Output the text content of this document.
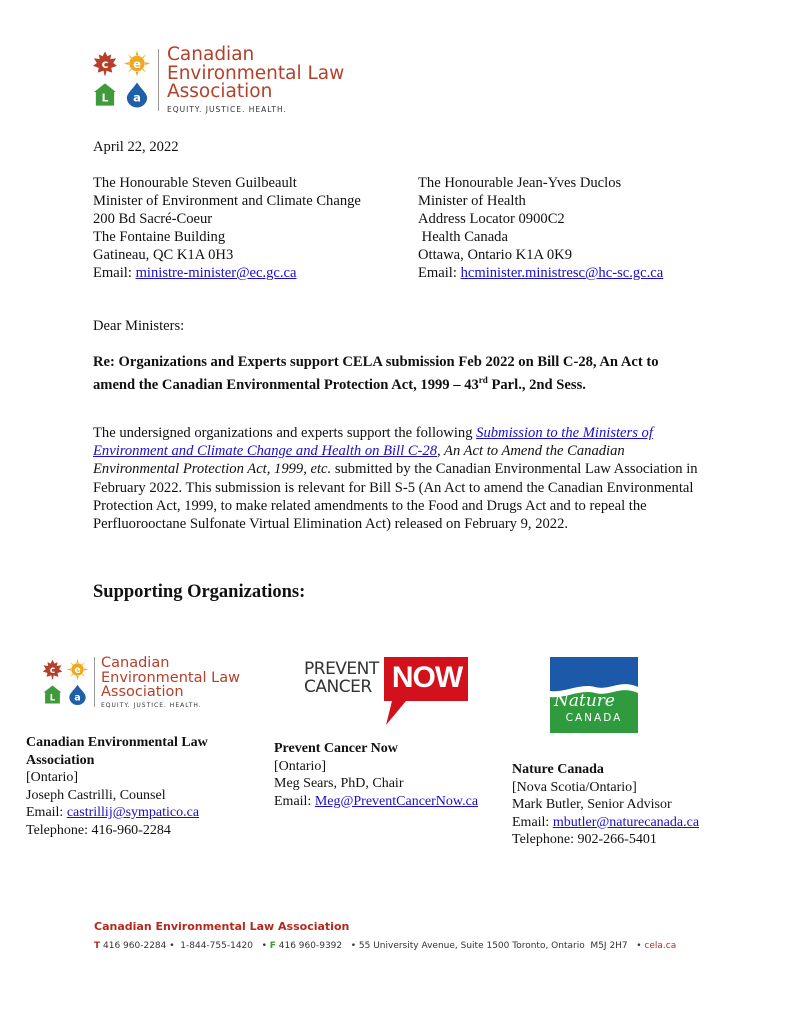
c e
L a
Canadian
Environmental Law
Association
EQUITY. JUSTICE. HEALTH.
April 22, 2022
The Honourable Steven Guilbeault
Minister of Environment and Climate Change
200 Bd Sacré-Coeur
The Fontaine Building
Gatineau, QC K1A 0H3
Email: ministre-minister@ec.gc.ca
The Honourable Jean-Yves Duclos
Minister of Health
Address Locator 0900C2
Health Canada
Ottawa, Ontario K1A 0K9
Email: hcminister.ministresc@hc-sc.gc.ca
Dear Ministers:
Re: Organizations and Experts support CELA submission Feb 2022 on Bill C-28, An Act to
amend the Canadian Environmental Protection Act, 1999 – 43rd Parl., 2nd Sess.
The undersigned organizations and experts support the following Submission to the Ministers of Environment and Climate Change and Health on Bill C-28, An Act to Amend the Canadian Environmental Protection Act, 1999, etc. submitted by the Canadian Environmental Law Association in February 2022. This submission is relevant for Bill S-5 (An Act to amend the Canadian Environmental Protection Act, 1999, to make related amendments to the Food and Drugs Act and to repeal the Perfluorooctane Sulfonate Virtual Elimination Act) released on February 9, 2022.
Supporting Organizations:
c e
L a
Canadian
Environmental Law
Association
EQUITY. JUSTICE. HEALTH.
PREVENT
CANCER NOW
Nature
CANADA
Canadian Environmental Law Association
[Ontario]
Joseph Castrilli, Counsel
Email: castrillij@sympatico.ca
Telephone: 416-960-2284
Prevent Cancer Now
[Ontario]
Meg Sears, PhD, Chair
Email: Meg@PreventCancerNow.ca
Nature Canada
[Nova Scotia/Ontario]
Mark Butler, Senior Advisor
Email: mbutler@naturecanada.ca
Telephone: 902-266-5401
Canadian Environmental Law Association
T 416 960-2284 •  1-844-755-1420   • F 416 960-9392   • 55 University Avenue, Suite 1500 Toronto, Ontario  M5J 2H7   • cela.ca
